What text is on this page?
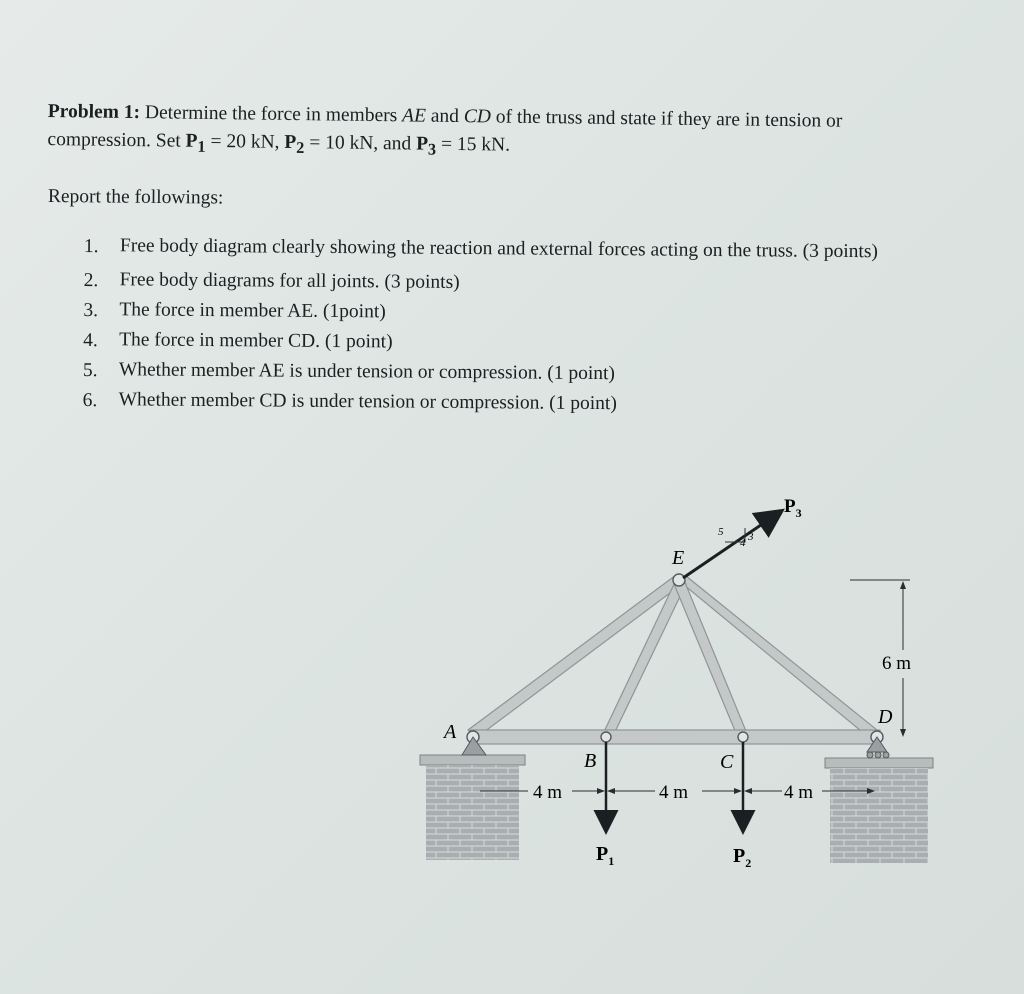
Problem 1: Determine the force in members AE and CD of the truss and state if they are in tension or compression. Set $P_1 = 20$ kN, $P_2 = 10$ kN, and $P_3 = 15$ kN.
Report the followings:
1.	Free body diagram clearly showing the reaction and external forces acting on the truss. (3 points)
2.	Free body diagrams for all joints. (3 points)
3.	The force in member AE. (1point)
4.	The force in member CD. (1 point)
5.	Whether member AE is under tension or compression. (1 point)
6.	Whether member CD is under tension or compression. (1 point)
5
4 3
$P_3$
$P_1$	$P_2$
E
A
B	C
D
4 m	4 m	4 m
6 m
